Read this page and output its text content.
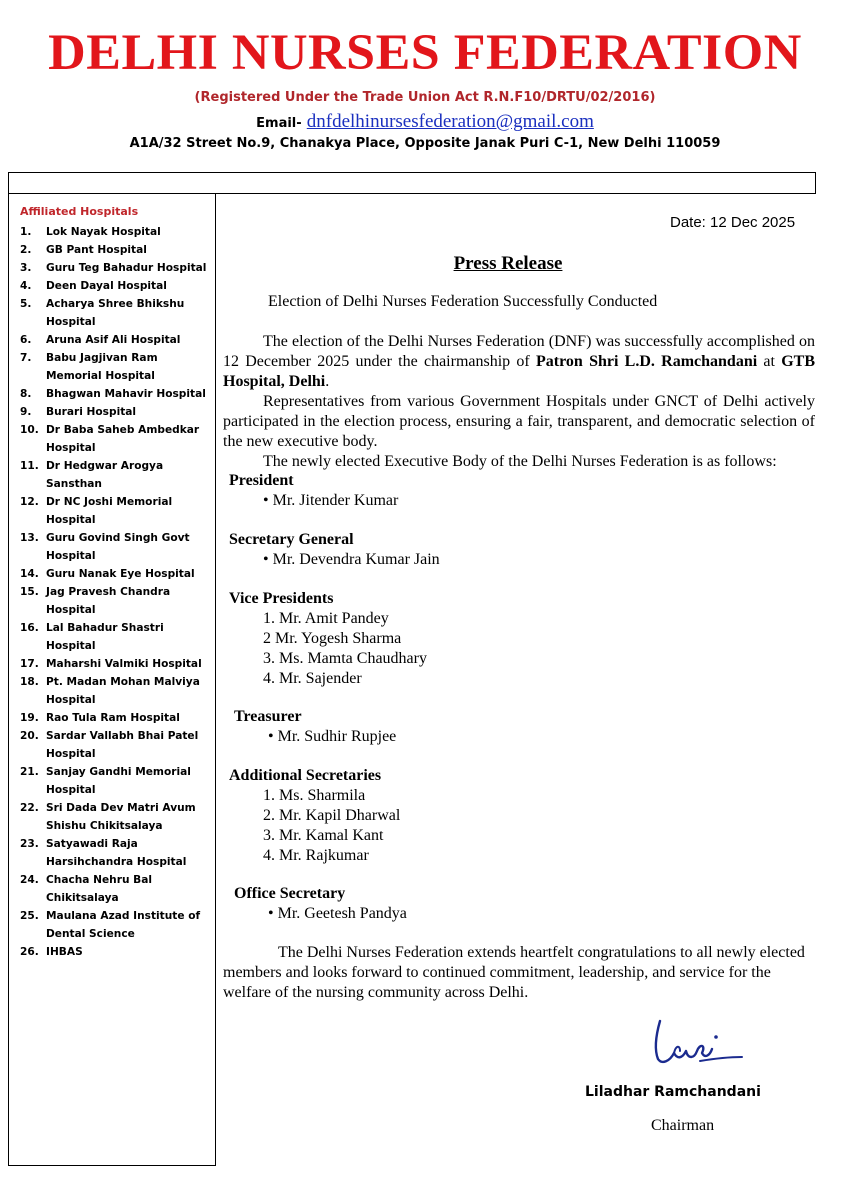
DELHI NURSES FEDERATION
(Registered Under the Trade Union Act R.N.F10/DRTU/02/2016)
Email- dnfdelhinursesfederation@gmail.com
A1A/32 Street No.9, Chanakya Place, Opposite Janak Puri C-1, New Delhi 110059
Affiliated Hospitals
1.	Lok Nayak Hospital
2.	GB Pant Hospital
3.	Guru Teg Bahadur Hospital
4.	Deen Dayal Hospital
5.	Acharya Shree Bhikshu Hospital
6.	Aruna Asif Ali Hospital
7.	Babu Jagjivan Ram Memorial Hospital
8.	Bhagwan Mahavir Hospital
9.	Burari Hospital
10. Dr Baba Saheb Ambedkar Hospital
11. Dr Hedgwar Arogya Sansthan
12. Dr NC Joshi Memorial Hospital
13. Guru Govind Singh Govt Hospital
14. Guru Nanak Eye Hospital
15. Jag Pravesh Chandra Hospital
16. Lal Bahadur Shastri Hospital
17. Maharshi Valmiki Hospital
18. Pt. Madan Mohan Malviya Hospital
19. Rao Tula Ram Hospital
20. Sardar Vallabh Bhai Patel Hospital
21. Sanjay Gandhi Memorial Hospital
22. Sri Dada Dev Matri Avum Shishu Chikitsalaya
23. Satyawadi Raja Harsihchandra Hospital
24. Chacha Nehru Bal Chikitsalaya
25. Maulana Azad Institute of Dental Science
26. IHBAS
Date: 12 Dec 2025
Press Release
Election of Delhi Nurses Federation Successfully Conducted

The election of the Delhi Nurses Federation (DNF) was successfully accomplished on 12 December 2025 under the chairmanship of Patron Shri L.D. Ramchandani at GTB Hospital, Delhi.

Representatives from various Government Hospitals under GNCT of Delhi actively participated in the election process, ensuring a fair, transparent, and democratic selection of the new executive body.

The newly elected Executive Body of the Delhi Nurses Federation is as follows:

President
• Mr. Jitender Kumar
Secretary General
• Mr. Devendra Kumar Jain
Vice Presidents
1. Mr. Amit Pandey
2 Mr. Yogesh Sharma
3. Ms. Mamta Chaudhary
4. Mr. Sajender
Treasurer
• Mr. Sudhir Rupjee
Additional Secretaries
1. Ms. Sharmila
2. Mr. Kapil Dharwal
3. Mr. Kamal Kant
4. Mr. Rajkumar
Office Secretary
• Mr. Geetesh Pandya

The Delhi Nurses Federation extends heartfelt congratulations to all newly elected members and looks forward to continued commitment, leadership, and service for the welfare of the nursing community across Delhi.

Liladhar Ramchandani
Chairman
